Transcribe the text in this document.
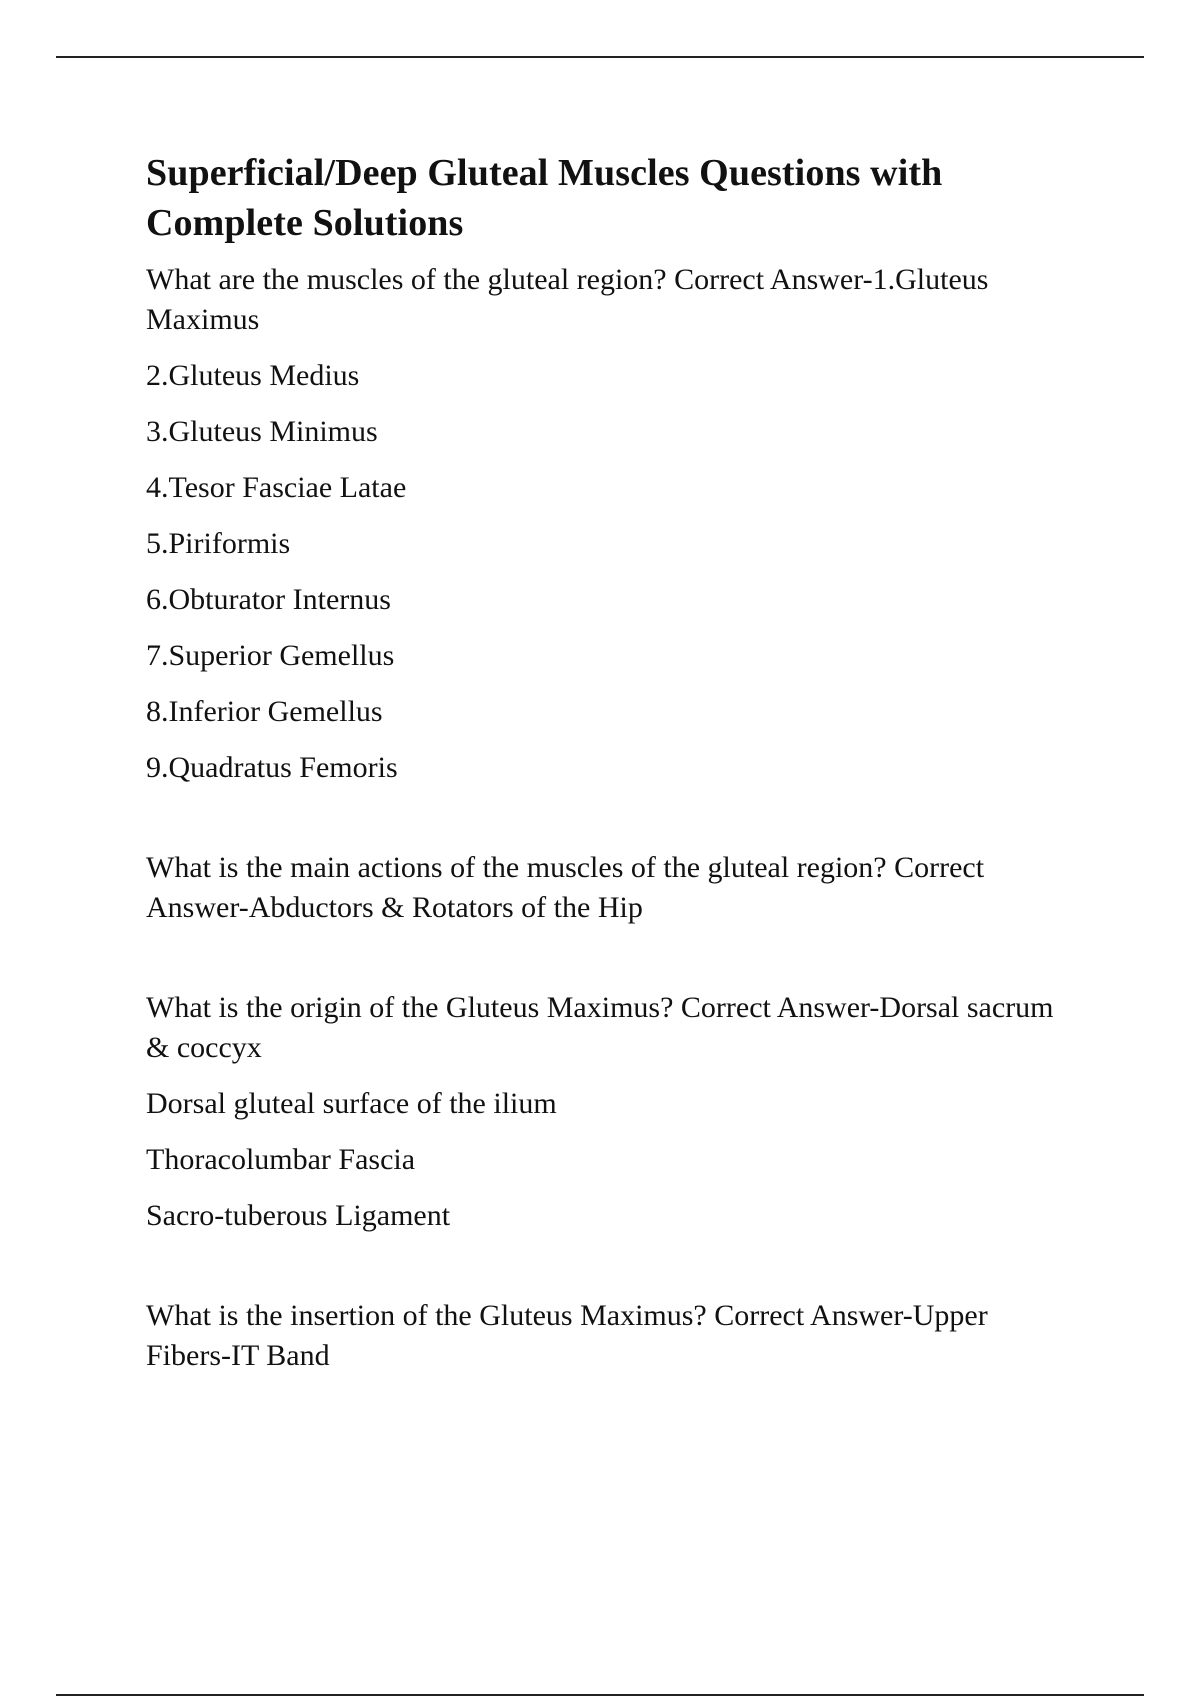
Superficial/Deep Gluteal Muscles Questions with Complete Solutions

What are the muscles of the gluteal region? Correct Answer-1.Gluteus Maximus

2.Gluteus Medius

3.Gluteus Minimus

4.Tesor Fasciae Latae

5.Piriformis

6.Obturator Internus

7.Superior Gemellus

8.Inferior Gemellus

9.Quadratus Femoris

What is the main actions of the muscles of the gluteal region? Correct Answer-Abductors & Rotators of the Hip

What is the origin of the Gluteus Maximus? Correct Answer-Dorsal sacrum & coccyx

Dorsal gluteal surface of the ilium

Thoracolumbar Fascia

Sacro-tuberous Ligament

What is the insertion of the Gluteus Maximus? Correct Answer-Upper Fibers-IT Band
